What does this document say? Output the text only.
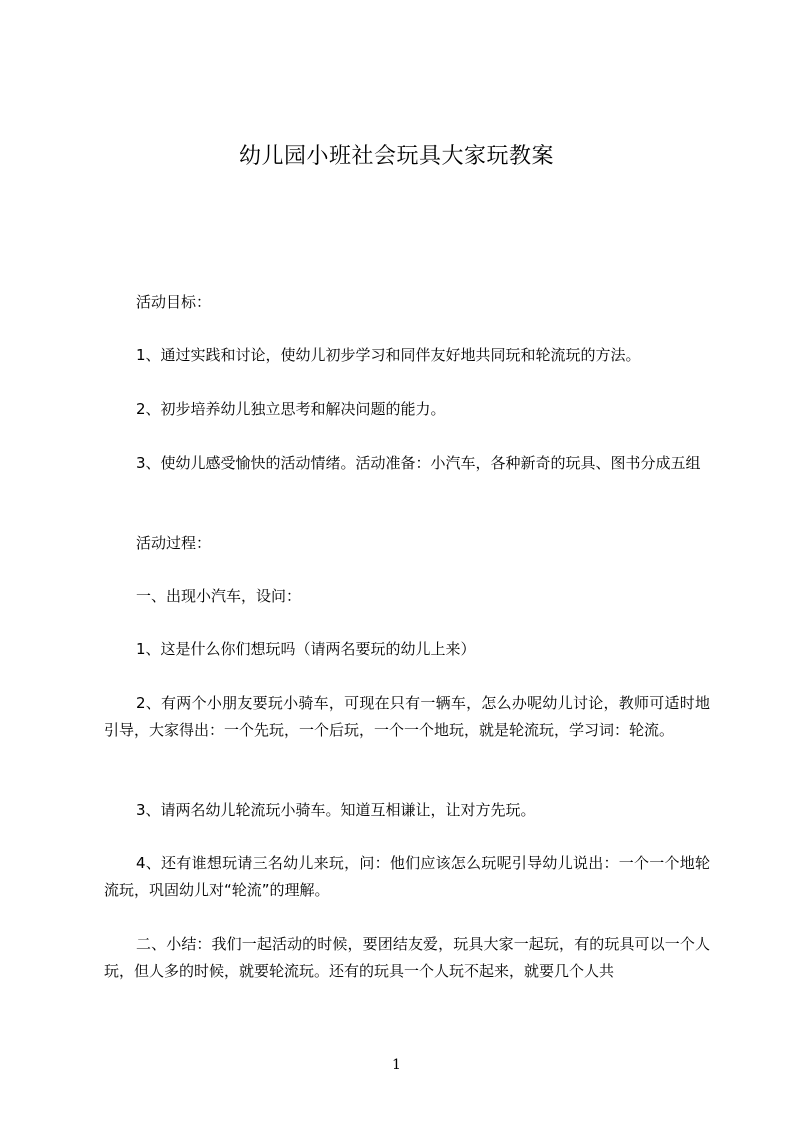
幼儿园小班社会玩具大家玩教案
活动目标：
1、通过实践和讨论，使幼儿初步学习和同伴友好地共同玩和轮流玩的方法。
2、初步培养幼儿独立思考和解决问题的能力。
3、使幼儿感受愉快的活动情绪。活动准备：小汽车，各种新奇的玩具、图书分成五组
活动过程：
一、出现小汽车，设问：
1、这是什么你们想玩吗（请两名要玩的幼儿上来）
2、有两个小朋友要玩小骑车，可现在只有一辆车，怎么办呢幼儿讨论，教师可适时地引导，大家得出：一个先玩，一个后玩，一个一个地玩，就是轮流玩，学习词：轮流。
3、请两名幼儿轮流玩小骑车。知道互相谦让，让对方先玩。
4、还有谁想玩请三名幼儿来玩，问：他们应该怎么玩呢引导幼儿说出：一个一个地轮流玩，巩固幼儿对“轮流”的理解。
二、小结：我们一起活动的时候，要团结友爱，玩具大家一起玩，有的玩具可以一个人玩，但人多的时候，就要轮流玩。还有的玩具一个人玩不起来，就要几个人共
1
